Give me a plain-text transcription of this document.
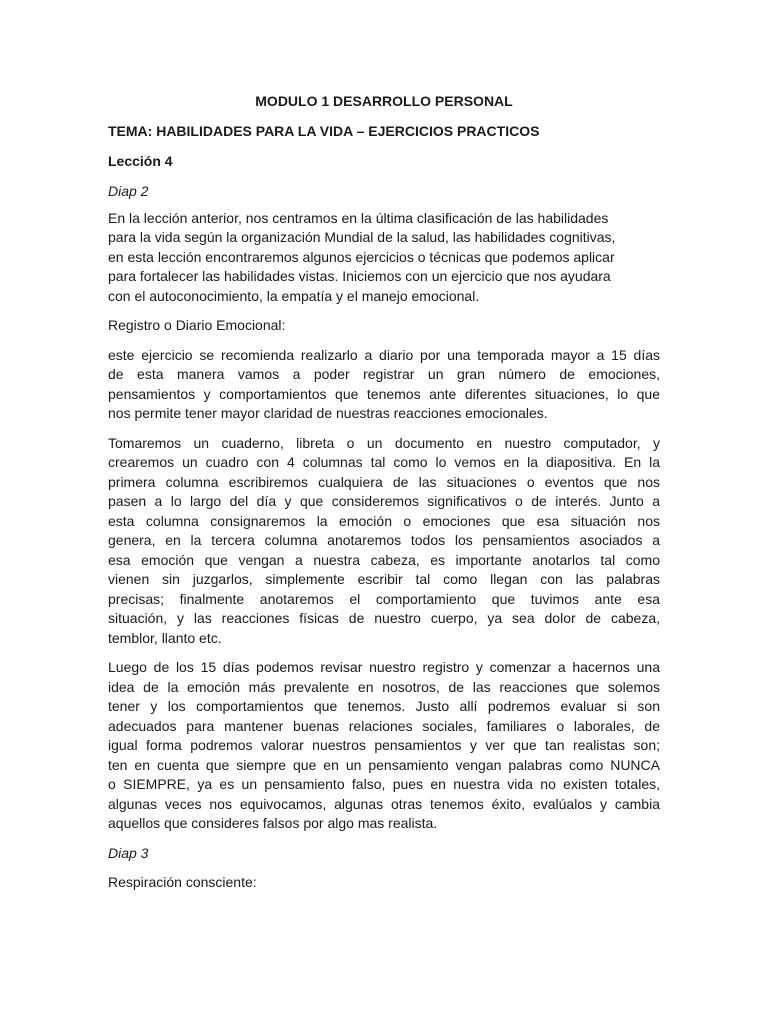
MODULO 1 DESARROLLO PERSONAL
TEMA: HABILIDADES PARA LA VIDA – EJERCICIOS PRACTICOS
Lección 4
Diap 2
En la lección anterior, nos centramos en la última clasificación de las habilidades
para la vida según la organización Mundial de la salud, las habilidades cognitivas,
en esta lección encontraremos algunos ejercicios o técnicas que podemos aplicar
para fortalecer las habilidades vistas. Iniciemos con un ejercicio que nos ayudara
con el autoconocimiento, la empatía y el manejo emocional.
Registro o Diario Emocional:
este ejercicio se recomienda realizarlo a diario por una temporada mayor a 15 días
de esta manera vamos a poder registrar un gran número de emociones,
pensamientos y comportamientos que tenemos ante diferentes situaciones, lo que
nos permite tener mayor claridad de nuestras reacciones emocionales.
Tomaremos un cuaderno, libreta o un documento en nuestro computador, y
crearemos un cuadro con 4 columnas tal como lo vemos en la diapositiva. En la
primera columna escribiremos cualquiera de las situaciones o eventos que nos
pasen a lo largo del día y que consideremos significativos o de interés. Junto a
esta columna consignaremos la emoción o emociones que esa situación nos
genera, en la tercera columna anotaremos todos los pensamientos asociados a
esa emoción que vengan a nuestra cabeza, es importante anotarlos tal como
vienen sin juzgarlos, simplemente escribir tal como llegan con las palabras
precisas; finalmente anotaremos el comportamiento que tuvimos ante esa
situación, y las reacciones físicas de nuestro cuerpo, ya sea dolor de cabeza,
temblor, llanto etc.
Luego de los 15 días podemos revisar nuestro registro y comenzar a hacernos una
idea de la emoción más prevalente en nosotros, de las reacciones que solemos
tener y los comportamientos que tenemos. Justo allí podremos evaluar si son
adecuados para mantener buenas relaciones sociales, familiares o laborales, de
igual forma podremos valorar nuestros pensamientos y ver que tan realistas son;
ten en cuenta que siempre que en un pensamiento vengan palabras como NUNCA
o SIEMPRE, ya es un pensamiento falso, pues en nuestra vida no existen totales,
algunas veces nos equivocamos, algunas otras tenemos éxito, evalúalos y cambia
aquellos que consideres falsos por algo mas realista.
Diap 3
Respiración consciente:
